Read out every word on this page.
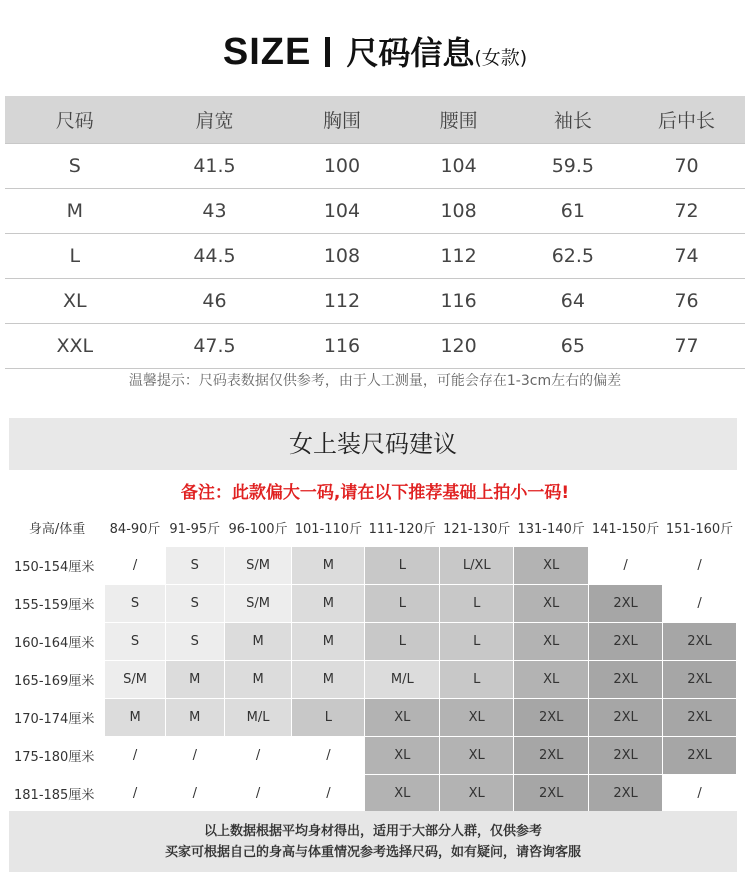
SIZE 尺码信息(女款)
尺码	肩宽	胸围	腰围	袖长	后中长
S	41.5	100	104	59.5	70
M	43	104	108	61	72
L	44.5	108	112	62.5	74
XL	46	112	116	64	76
XXL	47.5	116	120	65	77
温馨提示：尺码表数据仅供参考，由于人工测量，可能会存在1-3cm左右的偏差
女上装尺码建议
备注：此款偏大一码,请在以下推荐基础上拍小一码!
身高/体重	84-90斤	91-95斤	96-100斤	101-110斤	111-120斤	121-130斤	131-140斤	141-150斤	151-160斤
150-154厘米	/	S	S/M	M	L	L/XL	XL	/	/
155-159厘米	S	S	S/M	M	L	L	XL	2XL	/
160-164厘米	S	S	M	M	L	L	XL	2XL	2XL
165-169厘米	S/M	M	M	M	M/L	L	XL	2XL	2XL
170-174厘米	M	M	M/L	L	XL	XL	2XL	2XL	2XL
175-180厘米	/	/	/	/	XL	XL	2XL	2XL	2XL
181-185厘米	/	/	/	/	XL	XL	2XL	2XL	/
以上数据根据平均身材得出，适用于大部分人群，仅供参考
买家可根据自己的身高与体重情况参考选择尺码，如有疑问，请咨询客服
